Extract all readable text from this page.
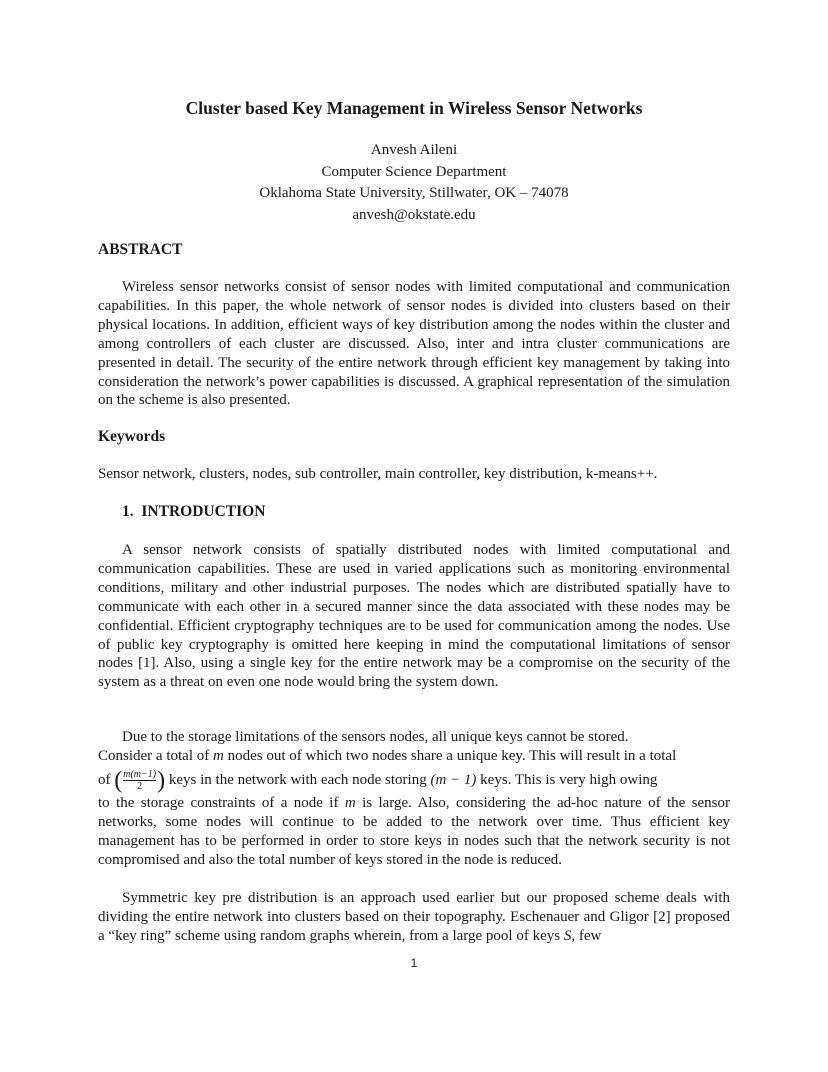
Cluster based Key Management in Wireless Sensor Networks
Anvesh Aileni
Computer Science Department
Oklahoma State University, Stillwater, OK – 74078
anvesh@okstate.edu
ABSTRACT

Wireless sensor networks consist of sensor nodes with limited computational and communication capabilities. In this paper, the whole network of sensor nodes is divided into clusters based on their physical locations. In addition, efficient ways of key distribution among the nodes within the cluster and among controllers of each cluster are discussed. Also, inter and intra cluster communications are presented in detail. The security of the entire network through efficient key management by taking into consideration the network’s power capabilities is discussed. A graphical representation of the simulation on the scheme is also presented.

Keywords
Sensor network, clusters, nodes, sub controller, main controller, key distribution, k-means++.
1.  INTRODUCTION

A sensor network consists of spatially distributed nodes with limited computational and communication capabilities. These are used in varied applications such as monitoring environmental conditions, military and other industrial purposes. The nodes which are distributed spatially have to communicate with each other in a secured manner since the data associated with these nodes may be confidential. Efficient cryptography techniques are to be used for communication among the nodes. Use of public key cryptography is omitted here keeping in mind the computational limitations of sensor nodes [1]. Also, using a single key for the entire network may be a compromise on the security of the system as a threat on even one node would bring the system down.

Due to the storage limitations of the sensors nodes, all unique keys cannot be stored.

Consider a total of m nodes out of which two nodes share a unique key. This will result in a total

of ( $\frac{m(m-1)}{2}$ ) keys in the network with each node storing (m − 1) keys. This is very high owing

to the storage constraints of a node if m is large. Also, considering the ad-hoc nature of the sensor networks, some nodes will continue to be added to the network over time. Thus efficient key management has to be performed in order to store keys in nodes such that the network security is not compromised and also the total number of keys stored in the node is reduced.

Symmetric key pre distribution is an approach used earlier but our proposed scheme deals with dividing the entire network into clusters based on their topography. Eschenauer and Gligor [2] proposed a “key ring” scheme using random graphs wherein, from a large pool of keys S, few

1
